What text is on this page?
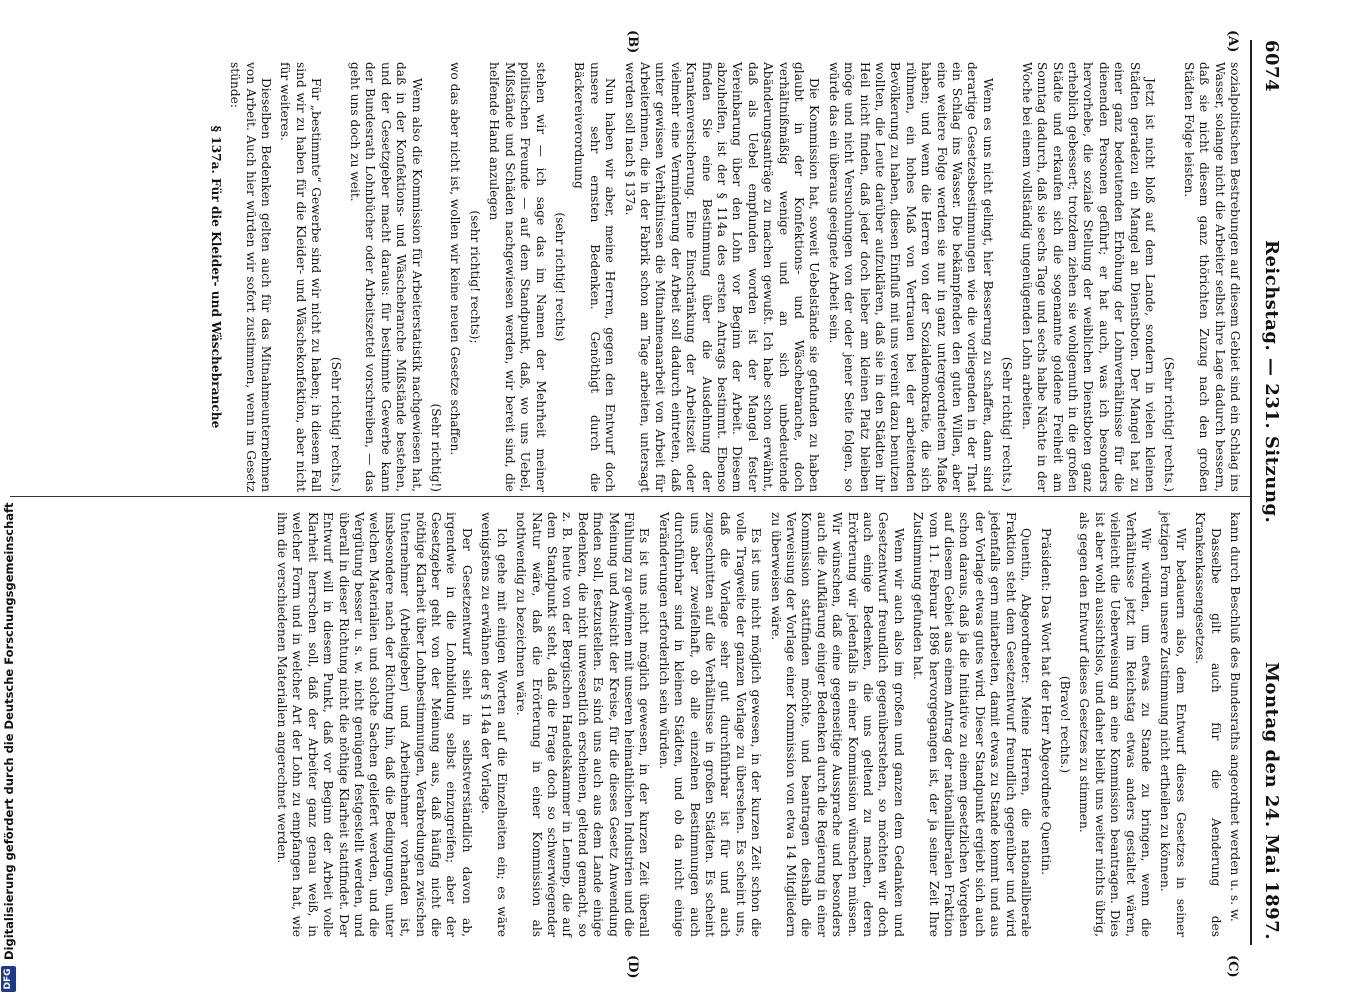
6074
Reichstag. — 231. Sitzung.
Montag den 24. Mai 1897.
(A)
(B)
(C)
(D)

sozialpolitischen Bestrebungen auf diesem Gebiet sind ein Schlag ins Wasser, solange nicht die Arbeiter selbst ihre Lage dadurch bessern, daß sie nicht diesem ganz thörichten Zuzug nach den großen Städten Folge leisten.

(Sehr richtig! rechts.)

Jetzt ist nicht bloß auf dem Lande, sondern in vielen kleinen Städten geradezu ein Mangel an Dienstboten. Der Mangel hat zu einer ganz bedeutenden Erhöhung der Lohnverhältnisse für die dienenden Personen geführt; er hat auch, was ich besonders hervorhebe, die soziale Stellung der weiblichen Dienstboten ganz erheblich gebessert; trotzdem ziehen sie wohlgemuth in die großen Städte und erkaufen sich die sogenannte goldene Freiheit am Sonntag dadurch, daß sie sechs Tage und sechs halbe Nächte in der Woche bei einem vollständig ungenügenden Lohn arbeiten.

(Sehr richtig! rechts.)

Wenn es uns nicht gelingt, hier Besserung zu schaffen, dann sind derartige Gesetzesbestimmungen wie die vorliegenden in der That ein Schlag ins Wasser. Die bekämpfenden den guten Willen, aber eine weitere Folge werden sie nur in ganz untergeordnetem Maße haben; und wenn die Herren von der Sozialdemokratie, die sich rühmen, ein hohes Maß von Vertrauen bei der arbeitenden Bevölkerung zu haben, diesen Einfluß mit uns vereint dazu benutzen wollten, die Leute darüber aufzuklären, daß sie in den Städten ihr Heil nicht finden, daß jeder doch lieber am kleinen Platz bleiben möge und nicht Versuchungen von der oder jener Seite folgen, so würde das ein überaus geeignete Arbeit sein.

Die Kommission hat, soweit Uebelstände sie gefunden zu haben glaubt in der Konfektions- und Wäschebranche, doch verhältnißmäßig wenige und an sich unbedeutende Abänderungsanträge zu machen gewußt. Ich habe schon erwähnt, daß als Uebel empfunden worden ist der Mangel fester Vereinbarung über den Lohn vor Beginn der Arbeit. Diesem abzuhelfen, ist der § 114a des ersten Antrags bestimmt. Ebenso finden Sie eine Bestimmung über die Ausdehnung der Krankenversicherung. Eine Einschränkung der Arbeitszeit oder vielmehr eine Verminderung der Arbeit soll dadurch eintreten, daß unter gewissen Verhältnissen die Mitnahmeanarbeit von Arbeit für Arbeiterinnen, die in der Fabrik schon am Tage arbeiten, untersagt werden soll nach § 137a.

Nun haben wir aber, meine Herren, gegen den Entwurf doch unsere sehr ernsten Bedenken. Genöthigt durch die Bäckereiverordnung

(sehr richtig! rechts)

stehen wir — ich sage das im Namen der Mehrheit meiner politischen Freunde — auf dem Standpunkt, daß, wo uns Uebel, Mißstände und Schäden nachgewiesen werden, wir bereit sind, die helfende Hand anzulegen

(sehr richtig! rechts);

wo das aber nicht ist, wollen wir keine neuen Gesetze schaffen.

(Sehr richtig!)

Wenn also die Kommission für Arbeiterstatistik nachgewiesen hat, daß in der Konfektions- und Wäschebranche Mißstände bestehen, und der Gesetzgeber macht daraus: für bestimmte Gewerbe kann der Bundesrath Lohnbücher oder Arbeitszettel vorschreiben, — das geht uns doch zu weit.

(Sehr richtig! rechts.)

Für „bestimmte“ Gewerbe sind wir nicht zu haben; in diesem Fall sind wir zu haben für die Kleider- und Wäschekonfektion, aber nicht für weiteres.

Dieselben Bedenken gelten auch für das Mitnahmeunternehmen von Arbeit. Auch hier würden wir sofort zustimmen, wenn im Gesetz stünde:

§ 137a. Für die Kleider- und Wäschebranche

kann durch Beschluß des Bundesraths angeordnet werden u. s. w.

Dasselbe gilt auch für die Aenderung des Krankenkassengesetzes.

Wir bedauern also, dem Entwurf dieses Gesetzes in seiner jetzigen Form unsere Zustimmung nicht ertheilen zu können.

Wir würden, um etwas zu Stande zu bringen, wenn die Verhältnisse jetzt im Reichstag etwas anders gestaltet wären, vielleicht die Ueberweisung an eine Kommission beantragen. Dies ist aber wohl aussichtslos, und daher bleibt uns weiter nichts übrig, als gegen den Entwurf dieses Gesetzes zu stimmen.

(Bravo! rechts.)

Präsident: Das Wort hat der Herr Abgeordnete Quentin.

Quentin, Abgeordneter: Meine Herren, die nationalliberale Fraktion steht dem Gesetzentwurf freundlich gegenüber und wird jedenfalls gern mitarbeiten, damit etwas zu Stande kommt und aus der Vorlage etwas gutes wird. Dieser Standpunkt ergiebt sich auch schon daraus, daß ja die Initiative zu einem gesetzlichen Vorgehen auf diesem Gebiet aus einem Antrag der nationalliberalen Fraktion vom 11. Februar 1896 hervorgegangen ist, der ja seiner Zeit Ihre Zustimmung gefunden hat.

Wenn wir auch also im großen und ganzen dem Gedanken und Gesetzentwurf freundlich gegenüberstehen, so möchten wir doch auch einige Bedenken, die uns geltend zu machen, deren Erörterung wir jedenfalls in einer Kommission wünschen müssen. Wir wünschen, daß eine gegenseitige Aussprache und besonders auch die Aufklärung einiger Bedenken durch die Regierung in einer Kommission stattfinden möchte, und beantragen deshalb die Verweisung der Vorlage einer Kommission von etwa 14 Mitgliedern zu überweisen wäre.

Es ist uns nicht möglich gewesen, in der kurzen Zeit schon die volle Tragweite der ganzen Vorlage zu übersehen. Es scheint uns, daß die Vorlage sehr gut durchführbar ist für und auch zugeschnitten auf die Verhältnisse in großen Städten. Es scheint uns aber zweifelhaft, ob alle einzelnen Bestimmungen auch durchführbar sind in kleinen Städten, und ob da nicht einige Veränderungen erforderlich sein würden.

Es ist uns nicht möglich gewesen, in der kurzen Zeit überall Fühlung zu gewinnen mit unseren heimathlichen Industrien und die Meinung und Ansicht der Kreise, für die dieses Gesetz Anwendung finden soll, festzustellen. Es sind uns auch aus dem Lande einige Bedenken, die nicht unwesentlich erscheinen, geltend gemacht, so z. B. heute von der Bergischen Handelskammer in Lennep, die auf dem Standpunkt steht, daß die Frage doch so schwerwiegender Natur wäre, daß die Erörterung in einer Kommission als nothwendig zu bezeichnen wäre.

Ich gehe mit einigen Worten auf die Einzelheiten ein; es wäre wenigstens zu erwähnen der § 114a der Vorlage.

Der Gesetzentwurf sieht in selbstverständlich davon ab, irgendwie in die Lohnbildung selbst einzugreifen; aber der Gesetzgeber geht von der Meinung aus, daß häufig nicht die nöthige Klarheit über Lohnbestimmungen, Verabredungen zwischen Unternehmer (Arbeitgeber) und Arbeitnehmer vorhanden ist, insbesondere nach der Richtung hin, daß die Bedingungen, unter welchen Materialien und solche Sachen geliefert werden, und die Vergütung besser u. s. w. nicht genügend festgestellt werden, und überall in dieser Richtung nicht die nöthige Klarheit stattfindet. Der Entwurf will in diesem Punkt, daß vor Beginn der Arbeit volle Klarheit herrschen soll, daß der Arbeiter ganz genau weiß, in welcher Form und in welcher Art der Lohn zu empfangen hat, wie ihm die verschiedenen Materialien angerechnet werden.

DFG
Digitalisierung gefördert durch die Deutsche Forschungsgemeinschaft
